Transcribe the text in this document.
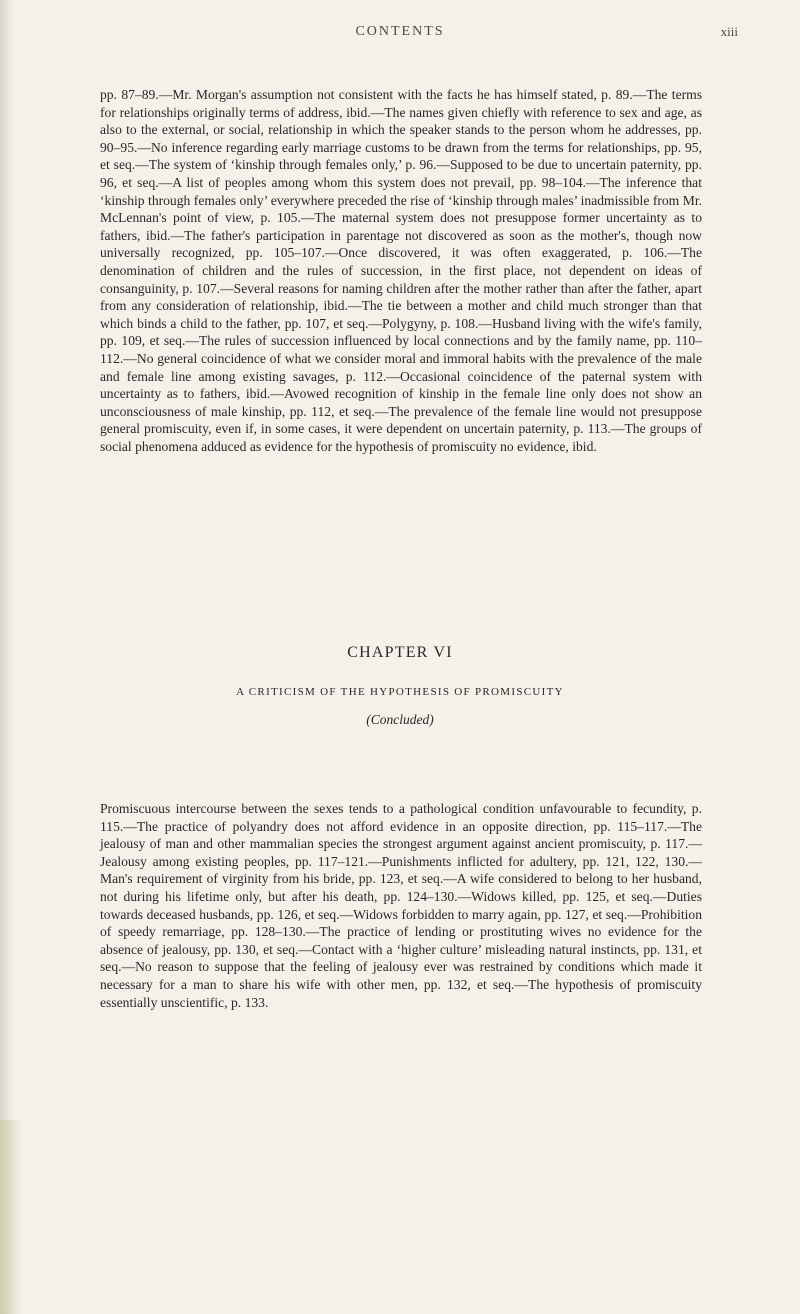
CONTENTS	xiii

pp. 87–89.—Mr. Morgan's assumption not consistent with the facts he has himself stated, p. 89.—The terms for relationships originally terms of address, ibid.—The names given chiefly with reference to sex and age, as also to the external, or social, relationship in which the speaker stands to the person whom he addresses, pp. 90–95.—No inference regarding early marriage customs to be drawn from the terms for relationships, pp. 95, et seq.—The system of ‘kinship through females only,’ p. 96.—Supposed to be due to uncertain paternity, pp. 96, et seq.—A list of peoples among whom this system does not prevail, pp. 98–104.—The inference that ‘kinship through females only’ everywhere preceded the rise of ‘kinship through males’ inadmissible from Mr. McLennan's point of view, p. 105.—The maternal system does not presuppose former uncertainty as to fathers, ibid.—The father's participation in parentage not discovered as soon as the mother's, though now universally recognized, pp. 105–107.—Once discovered, it was often exaggerated, p. 106.—The denomination of children and the rules of succession, in the first place, not dependent on ideas of consanguinity, p. 107.—Several reasons for naming children after the mother rather than after the father, apart from any consideration of relationship, ibid.—The tie between a mother and child much stronger than that which binds a child to the father, pp. 107, et seq.—Polygyny, p. 108.—Husband living with the wife's family, pp. 109, et seq.—The rules of succession influenced by local connections and by the family name, pp. 110–112.—No general coincidence of what we consider moral and immoral habits with the prevalence of the male and female line among existing savages, p. 112.—Occasional coincidence of the paternal system with uncertainty as to fathers, ibid.—Avowed recognition of kinship in the female line only does not show an unconsciousness of male kinship, pp. 112, et seq.—The prevalence of the female line would not presuppose general promiscuity, even if, in some cases, it were dependent on uncertain paternity, p. 113.—The groups of social phenomena adduced as evidence for the hypothesis of promiscuity no evidence, ibid.

CHAPTER VI
A CRITICISM OF THE HYPOTHESIS OF PROMISCUITY
(Concluded)

Promiscuous intercourse between the sexes tends to a pathological condition unfavourable to fecundity, p. 115.—The practice of polyandry does not afford evidence in an opposite direction, pp. 115–117.—The jealousy of man and other mammalian species the strongest argument against ancient promiscuity, p. 117.—Jealousy among existing peoples, pp. 117–121.—Punishments inflicted for adultery, pp. 121, 122, 130.—Man's requirement of virginity from his bride, pp. 123, et seq.—A wife considered to belong to her husband, not during his lifetime only, but after his death, pp. 124–130.—Widows killed, pp. 125, et seq.—Duties towards deceased husbands, pp. 126, et seq.—Widows forbidden to marry again, pp. 127, et seq.—Prohibition of speedy remarriage, pp. 128–130.—The practice of lending or prostituting wives no evidence for the absence of jealousy, pp. 130, et seq.—Contact with a ‘higher culture’ misleading natural instincts, pp. 131, et seq.—No reason to suppose that the feeling of jealousy ever was restrained by conditions which made it necessary for a man to share his wife with other men, pp. 132, et seq.—The hypothesis of promiscuity essentially unscientific, p. 133.
